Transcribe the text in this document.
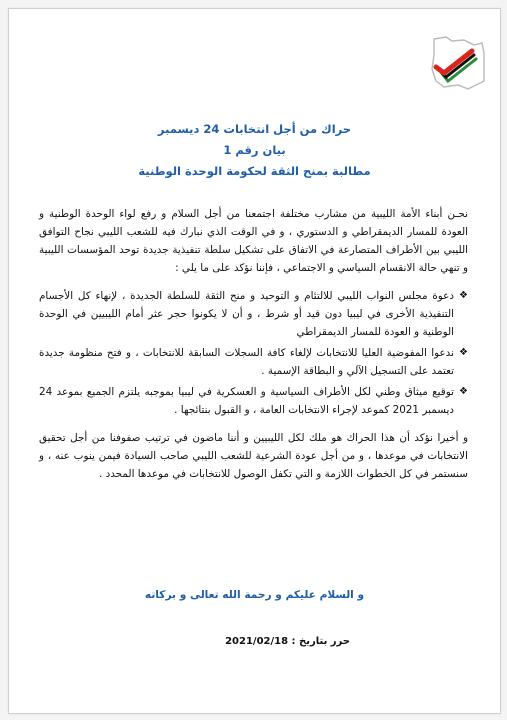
حراك من أجل انتخابات 24 ديسمبر
بيان رقم 1
مطالبة بمنح الثقة لحكومة الوحدة الوطنية

نحـن أبناء الأمة الليبية من مشارب مختلفة اجتمعنا من أجل السلام و رفع لواء الوحدة الوطنية و العودة للمسار الديمقراطي و الدستوري ، و في الوقت الذي نبارك فيه للشعب الليبي نجاح التوافق الليبي بين الأطراف المتصارعة في الاتفاق على تشكيل سلطة تنفيذية جديدة توحد المؤسسات الليبية و تنهي حالة الانقسام السياسي و الاجتماعي ، فإننا نؤكد على ما يلي :

❖
دعوة مجلس النواب الليبي للالتئام و التوحيد و منح الثقة للسلطة الجديدة ، لإنهاء كل الأجسام التنفيذية الأخرى في ليبيا دون قيد أو شرط ، و أن لا يكونوا حجر عثر أمام الليبيين في الوحدة الوطنية و العودة للمسار الديمقراطي
❖
ندعوا المفوضية العليا للانتخابات لإلغاء كافة السجلات السابقة للانتخابات ، و فتح منظومة جديدة تعتمد على التسجيل الآلي و البطاقة الإسمية .
❖
توقيع ميثاق وطني لكل الأطراف السياسية و العسكرية في ليبيا بموجبه يلتزم الجميع بموعد 24 ديسمبر 2021 كموعد لإجراء الانتخابات العامة ، و القبول بنتائجها .

و أخيرا نؤكد أن هذا الحراك هو ملك لكل الليبيين و أننا ماضون في ترتيب صفوفنا من أجل تحقيق الانتخابات في موعدها ، و من أجل عودة الشرعية للشعب الليبي صاحب السيادة فيمن ينوب عنه ، و سنستمر في كل الخطوات اللازمة و التي تكفل الوصول للانتخابات في موعدها المحدد .

و السلام عليكم و رحمة الله تعالى و بركاته
حرر بتاريخ : 2021/02/18
